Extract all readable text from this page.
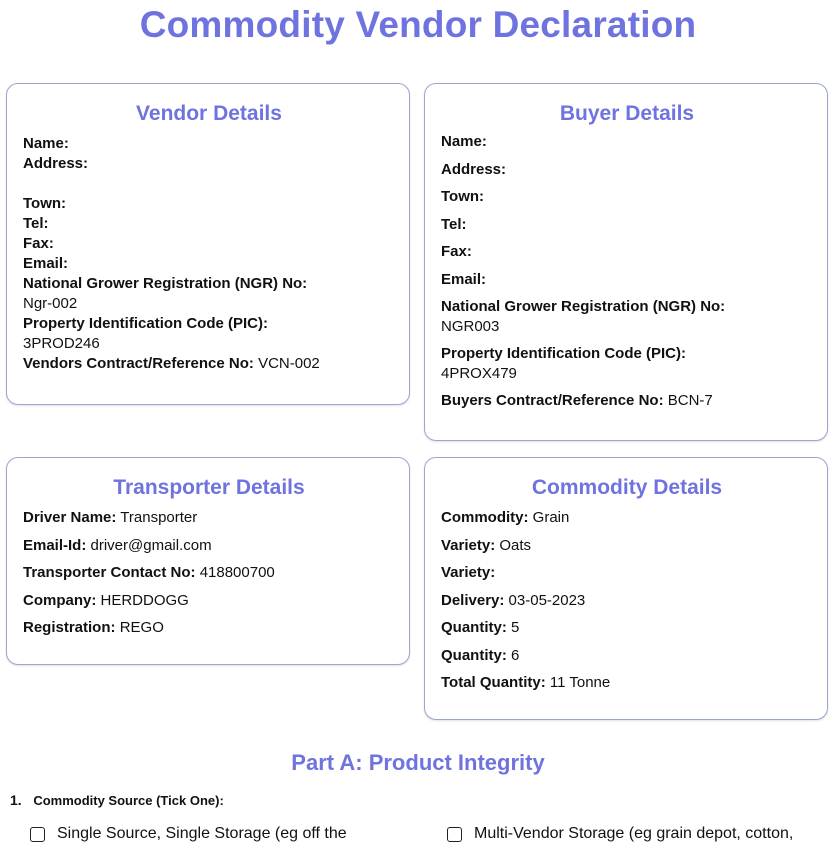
Commodity Vendor Declaration
Vendor Details
Name:
Address:
Town:
Tel:
Fax:
Email:
National Grower Registration (NGR) No:
Ngr-002
Property Identification Code (PIC):
3PROD246
Vendors Contract/Reference No: VCN-002
Buyer Details
Name:
Address:
Town:
Tel:
Fax:
Email:
National Grower Registration (NGR) No:
NGR003
Property Identification Code (PIC):
4PROX479
Buyers Contract/Reference No: BCN-7
Transporter Details
Driver Name: Transporter
Email-Id: driver@gmail.com
Transporter Contact No: 418800700
Company: HERDDOGG
Registration: REGO
Commodity Details
Commodity: Grain
Variety: Oats
Variety:
Delivery: 03-05-2023
Quantity: 5
Quantity: 6
Total Quantity: 11 Tonne
Part A: Product Integrity
1. Commodity Source (Tick One):
Single Source, Single Storage (eg off the	Multi-Vendor Storage (eg grain depot, cotton,
